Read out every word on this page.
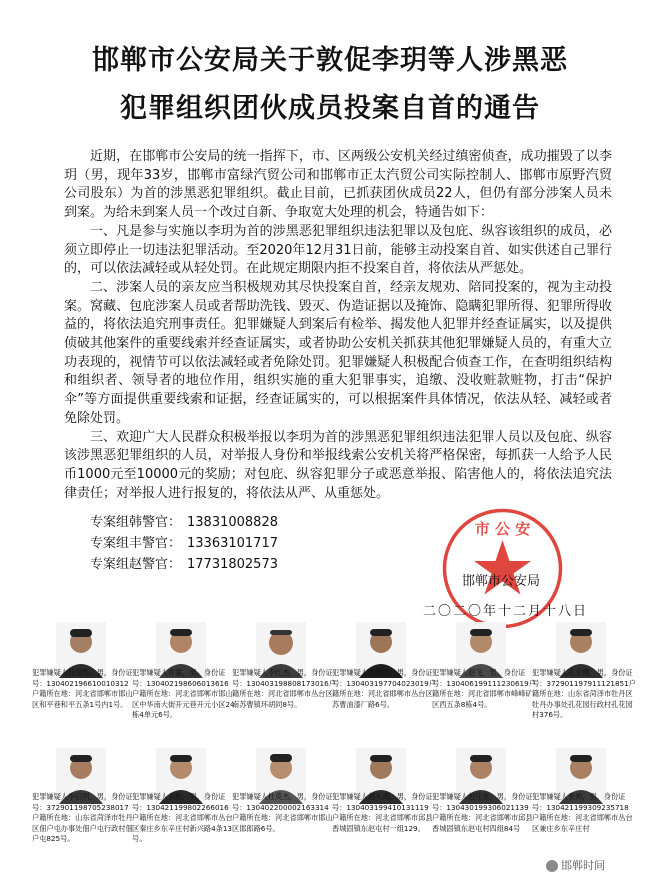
邯郸市公安局关于敦促李玥等人涉黑恶
犯罪组织团伙成员投案自首的通告

近期，在邯郸市公安局的统一指挥下，市、区两级公安机关经过缜密侦查，成功摧毁了以李玥（男，现年33岁，邯郸市富绿汽贸公司和邯郸市正太汽贸公司实际控制人、邯郸市原野汽贸公司股东）为首的涉黑恶犯罪组织。截止目前，已抓获团伙成员22人，但仍有部分涉案人员未到案。为给未到案人员一个改过自新、争取宽大处理的机会，特通告如下：

一、凡是参与实施以李玥为首的涉黑恶犯罪组织违法犯罪以及包庇、纵容该组织的成员，必须立即停止一切违法犯罪活动。至2020年12月31日前，能够主动投案自首、如实供述自己罪行的，可以依法减轻或从轻处罚。在此规定期限内拒不投案自首，将依法从严惩处。

二、涉案人员的亲友应当积极规劝其尽快投案自首，经亲友规劝、陪同投案的，视为主动投案。窝藏、包庇涉案人员或者帮助洗钱、毁灭、伪造证据以及掩饰、隐瞒犯罪所得、犯罪所得收益的，将依法追究刑事责任。犯罪嫌疑人到案后有检举、揭发他人犯罪并经查证属实，以及提供侦破其他案件的重要线索并经查证属实，或者协助公安机关抓获其他犯罪嫌疑人员的，有重大立功表现的，视情节可以依法减轻或者免除处罚。犯罪嫌疑人积极配合侦查工作，在查明组织结构和组织者、领导者的地位作用，组织实施的重大犯罪事实，追缴、没收赃款赃物，打击“保护伞”等方面提供重要线索和证据，经查证属实的，可以根据案件具体情况，依法从轻、减轻或者免除处罚。

三、欢迎广大人民群众积极举报以李玥为首的涉黑恶犯罪组织违法犯罪人员以及包庇、纵容该涉黑恶犯罪组织的人员，对举报人身份和举报线索公安机关将严格保密，每抓获一人给予人民币1000元至10000元的奖励；对包庇、纵容犯罪分子或恶意举报、陷害他人的，将依法追究法律责任；对举报人进行报复的，将依法从严、从重惩处。

专案组韩警官： 13831008828
专案组丰警官： 13363101717
专案组赵警官： 17731802573
市 公 安
邯郸市公安局
二〇二〇年十二月十八日
犯罪嫌疑人杜国华，男，身份证号：130402196610010312 户籍所在地：河北省邯郸市邯山区和平巷和平五条1号内1号。
犯罪嫌疑人许童，男，身份证号：130402198606013616 户籍所在地：河北省邯郸市邯山区中华南大街开元巷开元小区24栋4单元6号。
犯罪嫌疑人李红杰，男，身份证号：130403198808173016户籍所在地：河北省邯郸市丛台区南苏曹镇环胡同8号。
犯罪嫌疑人汲利民，男，身份证号：130403197704023019户籍所在地：河北省邯郸市丛台区苏曹油漆厂路6号。
犯罪嫌疑人赵飞，男，身份证号：130406199111230619户籍所在地：河北省邯郸市峰峰矿区西五条8栋4号。
犯罪嫌疑人孔令健，男，身份证号：372901197911121851户籍所在地：山东省菏泽市牡丹区牡丹办事处孔花园行政村孔花园村376号。
犯罪嫌疑人李启明，男，身份证号：372901198705238017 户籍所在地：山东省菏泽市牡丹区佃户屯办事处佃户屯行政村佃户屯825号。
犯罪嫌疑人刘航，男，身份证号：130421199802266016 户籍所在地：河北省邯郸市丛台区秦庄乡东辛庄村新兴路4条13号。
犯罪嫌疑人杜英杰，男，身份证号：130402200002163314 户籍所在地：河北省邯郸市邯山区邯郎路6号。
犯罪嫌疑人赵大海，男，身份证号：130403199410131119 户籍所在地：河北省邯郸市邱县香城固镇东赵屯村一组129。
犯罪嫌疑人赵佳星，男，身份证号：130430199306021139 户籍所在地：河北省邯郸市邱县香城固镇东赵屯村四组84号
犯罪嫌疑人张帅，男，身份证号：130421199309235718 户籍所在地：河北省邯郸市丛台区兼庄乡东辛庄村
邯郸时间
